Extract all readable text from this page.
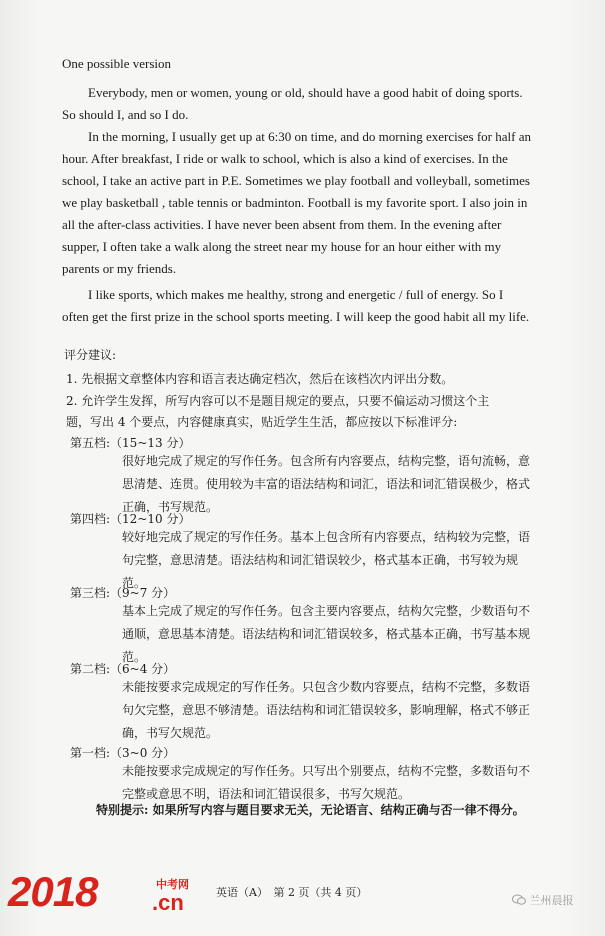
One possible version
Everybody, men or women, young or old, should have a good habit of doing sports. So should I, and so I do.
In the morning, I usually get up at 6:30 on time, and do morning exercises for half an hour. After breakfast, I ride or walk to school, which is also a kind of exercises. In the school, I take an active part in P.E. Sometimes we play football and volleyball, sometimes we play basketball , table tennis or badminton. Football is my favorite sport. I also join in all the after-class activities. I have never been absent from them. In the evening after supper, I often take a walk along the street near my house for an hour either with my parents or my friends.
I like sports, which makes me healthy, strong and energetic / full of energy. So I often get the first prize in the school sports meeting. I will keep the good habit all my life.
评分建议:
1. 先根据文章整体内容和语言表达确定档次，然后在该档次内评出分数。
2. 允许学生发挥，所写内容可以不是题目规定的要点，只要不偏运动习惯这个主
题，写出 4 个要点，内容健康真实，贴近学生生活，都应按以下标准评分:
第五档:（15~13 分）
很好地完成了规定的写作任务。包含所有内容要点，结构完整，语句流畅，意思清楚、连贯。使用较为丰富的语法结构和词汇，语法和词汇错误极少，格式正确，书写规范。
第四档:（12~10 分）
较好地完成了规定的写作任务。基本上包含所有内容要点，结构较为完整，语句完整，意思清楚。语法结构和词汇错误较少，格式基本正确，书写较为规范。
第三档:（9~7 分）
基本上完成了规定的写作任务。包含主要内容要点，结构欠完整，少数语句不通顺，意思基本清楚。语法结构和词汇错误较多，格式基本正确，书写基本规范。
第二档:（6~4 分）
未能按要求完成规定的写作任务。只包含少数内容要点，结构不完整，多数语句欠完整，意思不够清楚。语法结构和词汇错误较多，影响理解，格式不够正确，书写欠规范。
第一档:（3~0 分）
未能按要求完成规定的写作任务。只写出个别要点，结构不完整，多数语句不完整或意思不明，语法和词汇错误很多，书写欠规范。
特别提示: 如果所写内容与题目要求无关，无论语言、结构正确与否一律不得分。
2018	中考网
.cn	英语（A）　第 2 页（共 4 页）
兰州晨报
